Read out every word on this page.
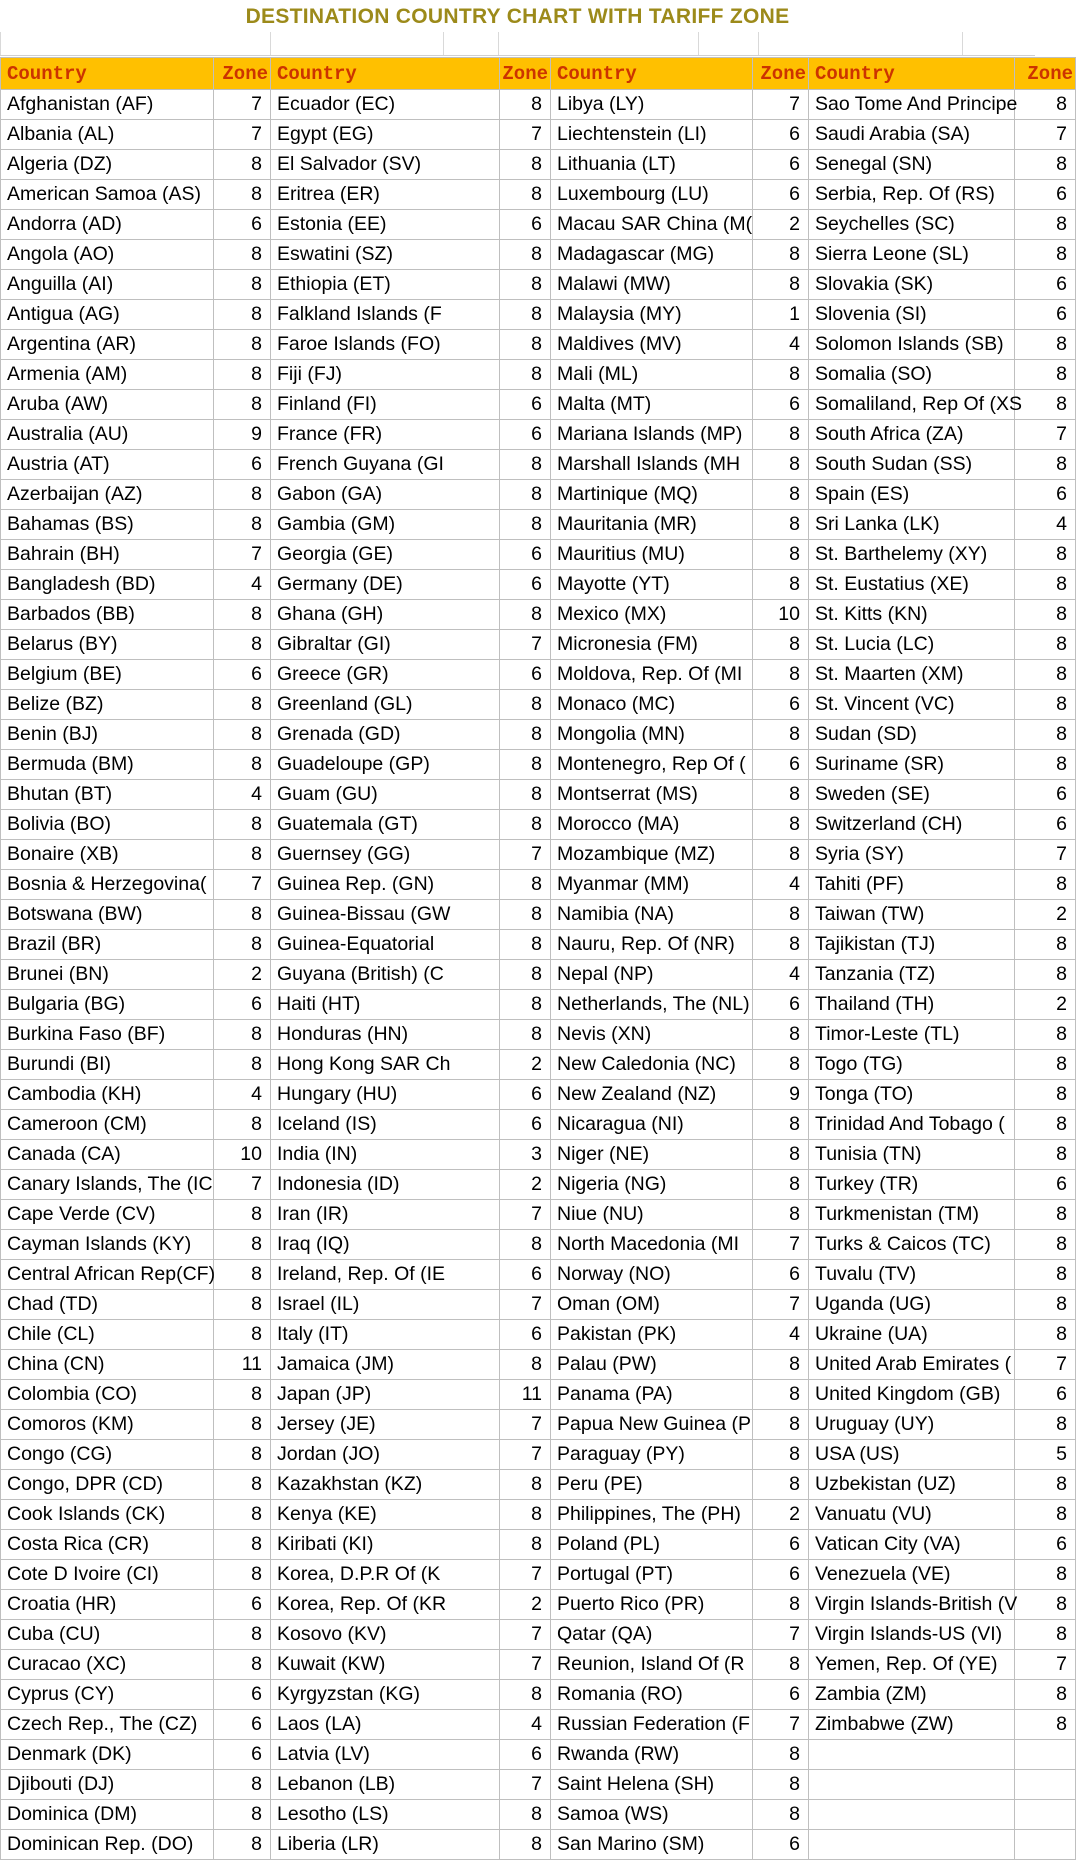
DESTINATION COUNTRY CHART WITH TARIFF ZONE
Country	Zone	Country	Zone	Country	Zone	Country	Zone
Afghanistan (AF)	7	Ecuador (EC)	8	Libya (LY)	7	Sao Tome And Principe	8
Albania (AL)	7	Egypt (EG)	7	Liechtenstein (LI)	6	Saudi Arabia (SA)	7
Algeria (DZ)	8	El Salvador (SV)	8	Lithuania (LT)	6	Senegal (SN)	8
American Samoa (AS)	8	Eritrea (ER)	8	Luxembourg (LU)	6	Serbia, Rep. Of (RS)	6
Andorra (AD)	6	Estonia (EE)	6	Macau SAR China (M(	2	Seychelles (SC)	8
Angola (AO)	8	Eswatini (SZ)	8	Madagascar (MG)	8	Sierra Leone (SL)	8
Anguilla (AI)	8	Ethiopia (ET)	8	Malawi (MW)	8	Slovakia (SK)	6
Antigua (AG)	8	Falkland Islands (F	8	Malaysia (MY)	1	Slovenia (SI)	6
Argentina (AR)	8	Faroe Islands (FO)	8	Maldives (MV)	4	Solomon Islands (SB)	8
Armenia (AM)	8	Fiji (FJ)	8	Mali (ML)	8	Somalia (SO)	8
Aruba (AW)	8	Finland (FI)	6	Malta (MT)	6	Somaliland, Rep Of (XS	8
Australia (AU)	9	France (FR)	6	Mariana Islands (MP)	8	South Africa (ZA)	7
Austria (AT)	6	French Guyana (GI	8	Marshall Islands (MH	8	South Sudan (SS)	8
Azerbaijan (AZ)	8	Gabon (GA)	8	Martinique (MQ)	8	Spain (ES)	6
Bahamas (BS)	8	Gambia (GM)	8	Mauritania (MR)	8	Sri Lanka (LK)	4
Bahrain (BH)	7	Georgia (GE)	6	Mauritius (MU)	8	St. Barthelemy (XY)	8
Bangladesh (BD)	4	Germany (DE)	6	Mayotte (YT)	8	St. Eustatius (XE)	8
Barbados (BB)	8	Ghana (GH)	8	Mexico (MX)	10	St. Kitts (KN)	8
Belarus (BY)	8	Gibraltar (GI)	7	Micronesia (FM)	8	St. Lucia (LC)	8
Belgium (BE)	6	Greece (GR)	6	Moldova, Rep. Of (MI	8	St. Maarten (XM)	8
Belize (BZ)	8	Greenland (GL)	8	Monaco (MC)	6	St. Vincent (VC)	8
Benin (BJ)	8	Grenada (GD)	8	Mongolia (MN)	8	Sudan (SD)	8
Bermuda (BM)	8	Guadeloupe (GP)	8	Montenegro, Rep Of (	6	Suriname (SR)	8
Bhutan (BT)	4	Guam (GU)	8	Montserrat (MS)	8	Sweden (SE)	6
Bolivia (BO)	8	Guatemala (GT)	8	Morocco (MA)	8	Switzerland (CH)	6
Bonaire (XB)	8	Guernsey (GG)	7	Mozambique (MZ)	8	Syria (SY)	7
Bosnia & Herzegovina(	7	Guinea Rep. (GN)	8	Myanmar (MM)	4	Tahiti (PF)	8
Botswana (BW)	8	Guinea-Bissau (GW	8	Namibia (NA)	8	Taiwan (TW)	2
Brazil (BR)	8	Guinea-Equatorial	8	Nauru, Rep. Of (NR)	8	Tajikistan (TJ)	8
Brunei (BN)	2	Guyana (British) (C	8	Nepal (NP)	4	Tanzania (TZ)	8
Bulgaria (BG)	6	Haiti (HT)	8	Netherlands, The (NL)	6	Thailand (TH)	2
Burkina Faso (BF)	8	Honduras (HN)	8	Nevis (XN)	8	Timor-Leste (TL)	8
Burundi (BI)	8	Hong Kong SAR Ch	2	New Caledonia (NC)	8	Togo (TG)	8
Cambodia (KH)	4	Hungary (HU)	6	New Zealand (NZ)	9	Tonga (TO)	8
Cameroon (CM)	8	Iceland (IS)	6	Nicaragua (NI)	8	Trinidad And Tobago (	8
Canada (CA)	10	India (IN)	3	Niger (NE)	8	Tunisia (TN)	8
Canary Islands, The (IC	7	Indonesia (ID)	2	Nigeria (NG)	8	Turkey (TR)	6
Cape Verde (CV)	8	Iran (IR)	7	Niue (NU)	8	Turkmenistan (TM)	8
Cayman Islands (KY)	8	Iraq (IQ)	8	North Macedonia (MI	7	Turks & Caicos (TC)	8
Central African Rep(CF)	8	Ireland, Rep. Of (IE	6	Norway (NO)	6	Tuvalu (TV)	8
Chad (TD)	8	Israel (IL)	7	Oman (OM)	7	Uganda (UG)	8
Chile (CL)	8	Italy (IT)	6	Pakistan (PK)	4	Ukraine (UA)	8
China (CN)	11	Jamaica (JM)	8	Palau (PW)	8	United Arab Emirates (	7
Colombia (CO)	8	Japan (JP)	11	Panama (PA)	8	United Kingdom (GB)	6
Comoros (KM)	8	Jersey (JE)	7	Papua New Guinea (P	8	Uruguay (UY)	8
Congo (CG)	8	Jordan (JO)	7	Paraguay (PY)	8	USA (US)	5
Congo, DPR (CD)	8	Kazakhstan (KZ)	8	Peru (PE)	8	Uzbekistan (UZ)	8
Cook Islands (CK)	8	Kenya (KE)	8	Philippines, The (PH)	2	Vanuatu (VU)	8
Costa Rica (CR)	8	Kiribati (KI)	8	Poland (PL)	6	Vatican City (VA)	6
Cote D Ivoire (CI)	8	Korea, D.P.R Of (K	7	Portugal (PT)	6	Venezuela (VE)	8
Croatia (HR)	6	Korea, Rep. Of (KR	2	Puerto Rico (PR)	8	Virgin Islands-British (V	8
Cuba (CU)	8	Kosovo (KV)	7	Qatar (QA)	7	Virgin Islands-US (VI)	8
Curacao (XC)	8	Kuwait (KW)	7	Reunion, Island Of (R	8	Yemen, Rep. Of (YE)	7
Cyprus (CY)	6	Kyrgyzstan (KG)	8	Romania (RO)	6	Zambia (ZM)	8
Czech Rep., The (CZ)	6	Laos (LA)	4	Russian Federation (F	7	Zimbabwe (ZW)	8
Denmark (DK)	6	Latvia (LV)	6	Rwanda (RW)	8		
Djibouti (DJ)	8	Lebanon (LB)	7	Saint Helena (SH)	8		
Dominica (DM)	8	Lesotho (LS)	8	Samoa (WS)	8		
Dominican Rep. (DO)	8	Liberia (LR)	8	San Marino (SM)	6		
